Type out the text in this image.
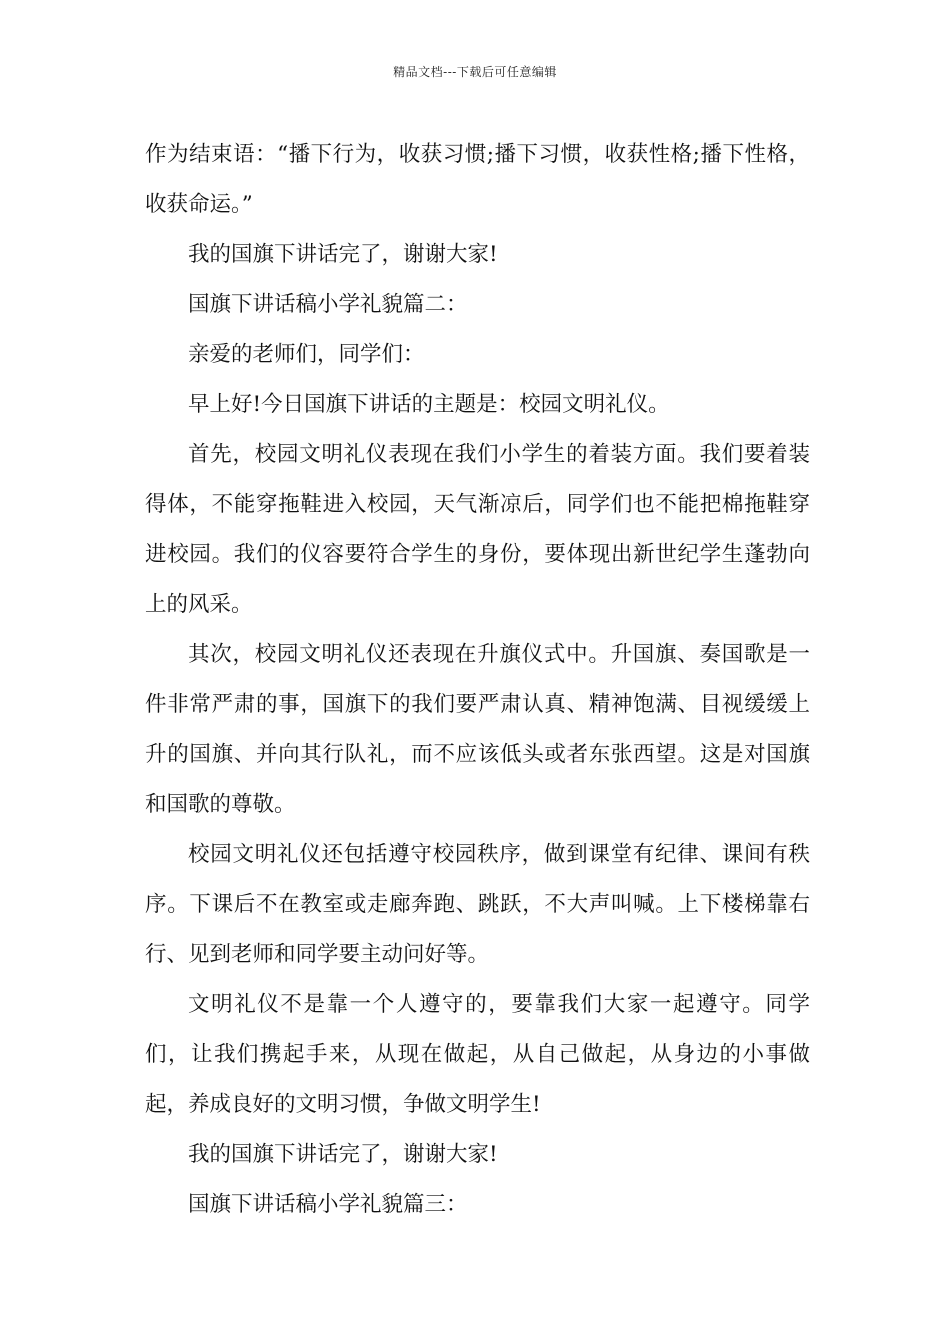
精品文档---下载后可任意编辑

作为结束语：“播下行为，收获习惯;播下习惯，收获性格;播下性格，收获命运。”

我的国旗下讲话完了，谢谢大家!

国旗下讲话稿小学礼貌篇二：

亲爱的老师们，同学们：

早上好!今日国旗下讲话的主题是：校园文明礼仪。

首先，校园文明礼仪表现在我们小学生的着装方面。我们要着装得体，不能穿拖鞋进入校园，天气渐凉后，同学们也不能把棉拖鞋穿进校园。我们的仪容要符合学生的身份，要体现出新世纪学生蓬勃向上的风采。

其次，校园文明礼仪还表现在升旗仪式中。升国旗、奏国歌是一件非常严肃的事，国旗下的我们要严肃认真、精神饱满、目视缓缓上升的国旗、并向其行队礼，而不应该低头或者东张西望。这是对国旗和国歌的尊敬。

校园文明礼仪还包括遵守校园秩序，做到课堂有纪律、课间有秩序。下课后不在教室或走廊奔跑、跳跃，不大声叫喊。上下楼梯靠右行、见到老师和同学要主动问好等。

文明礼仪不是靠一个人遵守的，要靠我们大家一起遵守。同学们，让我们携起手来，从现在做起，从自己做起，从身边的小事做起，养成良好的文明习惯，争做文明学生!

我的国旗下讲话完了，谢谢大家!

国旗下讲话稿小学礼貌篇三：
